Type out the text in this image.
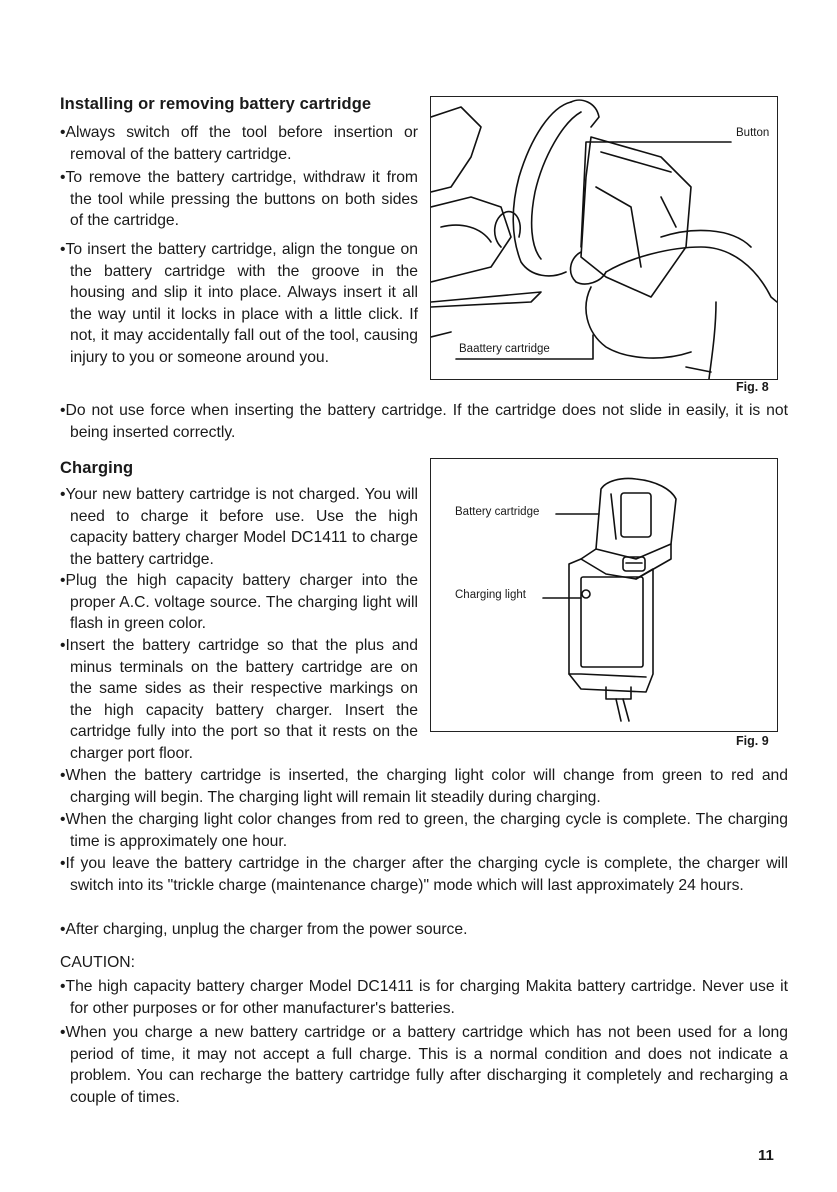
Installing or removing battery cartridge

•Always switch off the tool before insertion or removal of the battery cartridge.

•To remove the battery cartridge, withdraw it from the tool while pressing the buttons on both sides of the cartridge.

•To insert the battery cartridge, align the tongue on the battery cartridge with the groove in the housing and slip it into place. Always insert it all the way until it locks in place with a little click. If not, it may accidentally fall out of the tool, causing injury to you or someone around you.

•Do not use force when inserting the battery cartridge. If the cartridge does not slide in easily, it is not being inserted correctly.

Button
Baattery cartridge
Fig. 8
Charging

•Your new battery cartridge is not charged. You will need to charge it before use. Use the high capacity battery charger Model DC1411 to charge the battery cartridge.

•Plug the high capacity battery charger into the proper A.C. voltage source. The charging light will flash in green color.

•Insert the battery cartridge so that the plus and minus terminals on the battery cartridge are on the same sides as their respective markings on the high capacity battery charger. Insert the cartridge fully into the port so that it rests on the charger port floor.

•When the battery cartridge is inserted, the charging light color will change from green to red and charging will begin. The charging light will remain lit steadily during charging.

•When the charging light color changes from red to green, the charging cycle is complete. The charging time is approximately one hour.

•If you leave the battery cartridge in the charger after the charging cycle is complete, the charger will switch into its "trickle charge (maintenance charge)" mode which will last approximately 24 hours.

•After charging, unplug the charger from the power source.

Battery cartridge
Charging light
Fig. 9
CAUTION:

•The high capacity battery charger Model DC1411 is for charging Makita battery cartridge. Never use it for other purposes or for other manufacturer's batteries.

•When you charge a new battery cartridge or a battery cartridge which has not been used for a long period of time, it may not accept a full charge. This is a normal condition and does not indicate a problem. You can recharge the battery cartridge fully after discharging it completely and recharging a couple of times.

11
